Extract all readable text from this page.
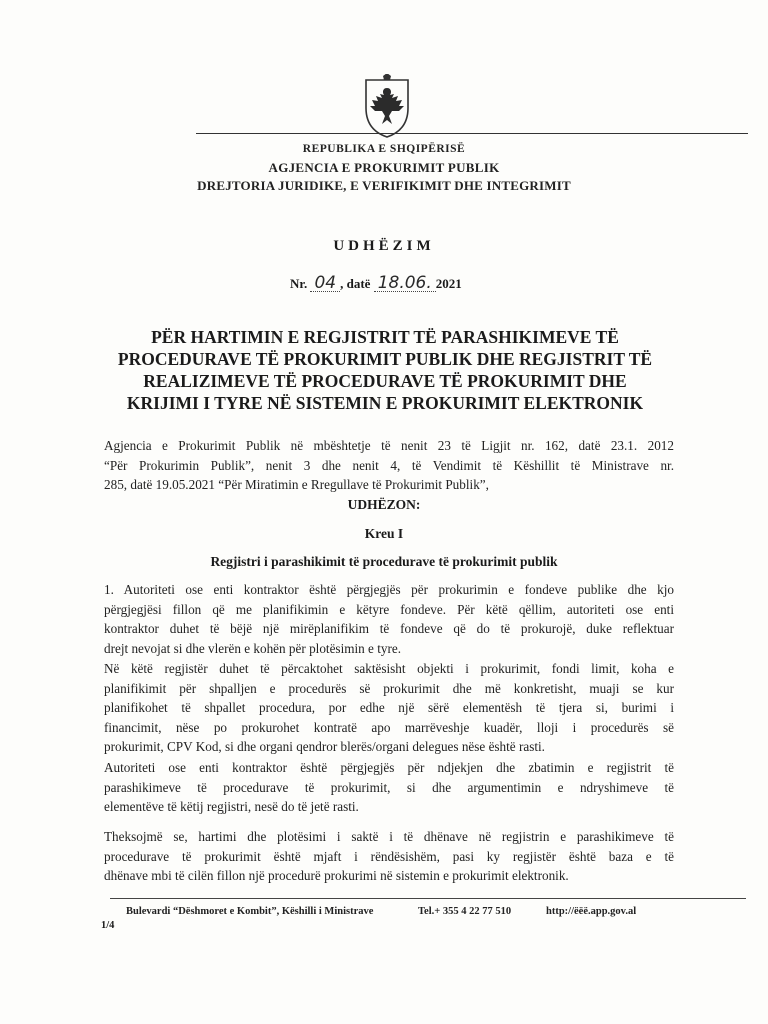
REPUBLIKA E SHQIPËRISË
AGJENCIA E PROKURIMIT PUBLIK
DREJTORIA JURIDIKE, E VERIFIKIMIT DHE INTEGRIMIT
UDHËZIM
Nr. 04 , datë 18.06. 2021
PËR HARTIMIN E REGJISTRIT TË PARASHIKIMEVE TË
PROCEDURAVE TË PROKURIMIT PUBLIK DHE REGJISTRIT TË
REALIZIMEVE TË PROCEDURAVE TË PROKURIMIT DHE
KRIJIMI I TYRE NË SISTEMIN E PROKURIMIT ELEKTRONIK

Agjencia e Prokurimit Publik në mbështetje të nenit 23 të Ligjit nr. 162, datë 23.1. 2012
“Për Prokurimin Publik”, nenit 3 dhe nenit 4, të Vendimit të Këshillit të Ministrave nr.
285, datë 19.05.2021 “Për Miratimin e Rregullave të Prokurimit Publik”,

UDHËZON:
Kreu I
Regjistri i parashikimit të procedurave të prokurimit publik

1. Autoriteti ose enti kontraktor është përgjegjës për prokurimin e fondeve publike dhe kjo
përgjegjësi fillon që me planifikimin e këtyre fondeve. Për këtë qëllim, autoriteti ose enti
kontraktor duhet të bëjë një mirëplanifikim të fondeve që do të prokurojë, duke reflektuar
drejt nevojat si dhe vlerën e kohën për plotësimin e tyre.

Në këtë regjistër duhet të përcaktohet saktësisht objekti i prokurimit, fondi limit, koha e
planifikimit për shpalljen e procedurës së prokurimit dhe më konkretisht, muaji se kur
planifikohet të shpallet procedura, por edhe një sërë elementësh të tjera si, burimi i
financimit, nëse po prokurohet kontratë apo marrëveshje kuadër, lloji i procedurës së
prokurimit, CPV Kod, si dhe organi qendror blerës/organi delegues nëse është rasti.

Autoriteti ose enti kontraktor është përgjegjës për ndjekjen dhe zbatimin e regjistrit të
parashikimeve të procedurave të prokurimit, si dhe argumentimin e ndryshimeve të
elementëve të këtij regjistri, nesë do të jetë rasti.

Theksojmë se, hartimi dhe plotësimi i saktë i të dhënave në regjistrin e parashikimeve të
procedurave të prokurimit është mjaft i rëndësishëm, pasi ky regjistër është baza e të
dhënave mbi të cilën fillon një procedurë prokurimi në sistemin e prokurimit elektronik.

Bulevardi “Dëshmoret e Kombit”, Këshilli i Ministrave	Tel.+ 355 4 22 77 510	http://ëëë.app.gov.al
1/4
